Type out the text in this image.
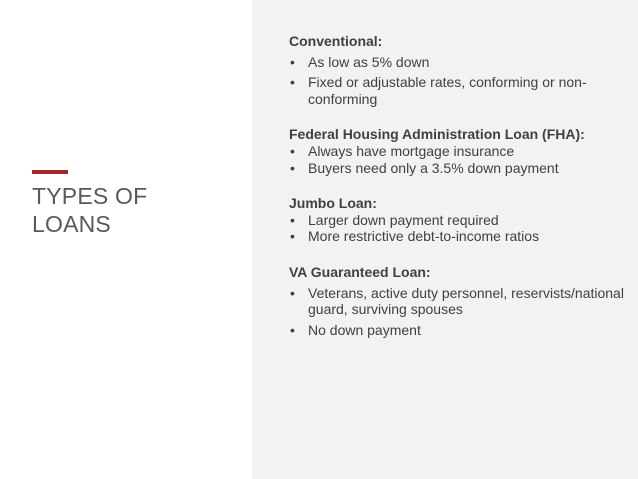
TYPES OF
LOANS

Conventional:

• As low as 5% down
• Fixed or adjustable rates, conforming or non-conforming

Federal Housing Administration Loan (FHA):

• Always have mortgage insurance
• Buyers need only a 3.5% down payment

Jumbo Loan:

• Larger down payment required
• More restrictive debt-to-income ratios

VA Guaranteed Loan:

• Veterans, active duty personnel, reservists/national guard, surviving spouses
• No down payment
